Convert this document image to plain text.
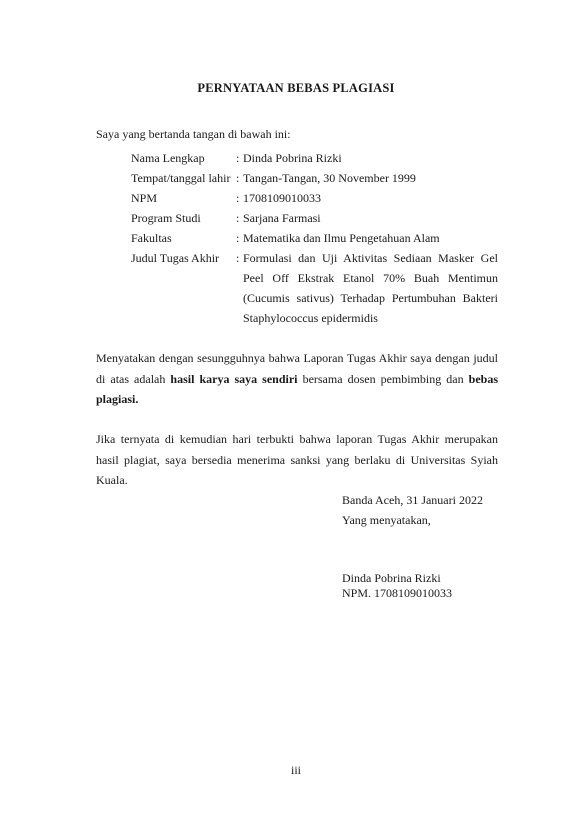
PERNYATAAN BEBAS PLAGIASI
Saya yang bertanda tangan di bawah ini:
Nama Lengkap	: Dinda Pobrina Rizki
Tempat/tanggal lahir : Tangan-Tangan, 30 November 1999
NPM	: 1708109010033
Program Studi	: Sarjana Farmasi
Fakultas	: Matematika dan Ilmu Pengetahuan Alam
Judul Tugas Akhir	: Formulasi dan Uji Aktivitas Sediaan Masker Gel Peel Off Ekstrak Etanol 70% Buah Mentimun (Cucumis sativus) Terhadap Pertumbuhan Bakteri Staphylococcus epidermidis
Menyatakan dengan sesungguhnya bahwa Laporan Tugas Akhir saya dengan judul di atas adalah hasil karya saya sendiri bersama dosen pembimbing dan bebas plagiasi.
Jika ternyata di kemudian hari terbukti bahwa laporan Tugas Akhir merupakan hasil plagiat, saya bersedia menerima sanksi yang berlaku di Universitas Syiah Kuala.
Banda Aceh, 31 Januari 2022
Yang menyatakan,
Dinda Pobrina Rizki
NPM. 1708109010033
iii
